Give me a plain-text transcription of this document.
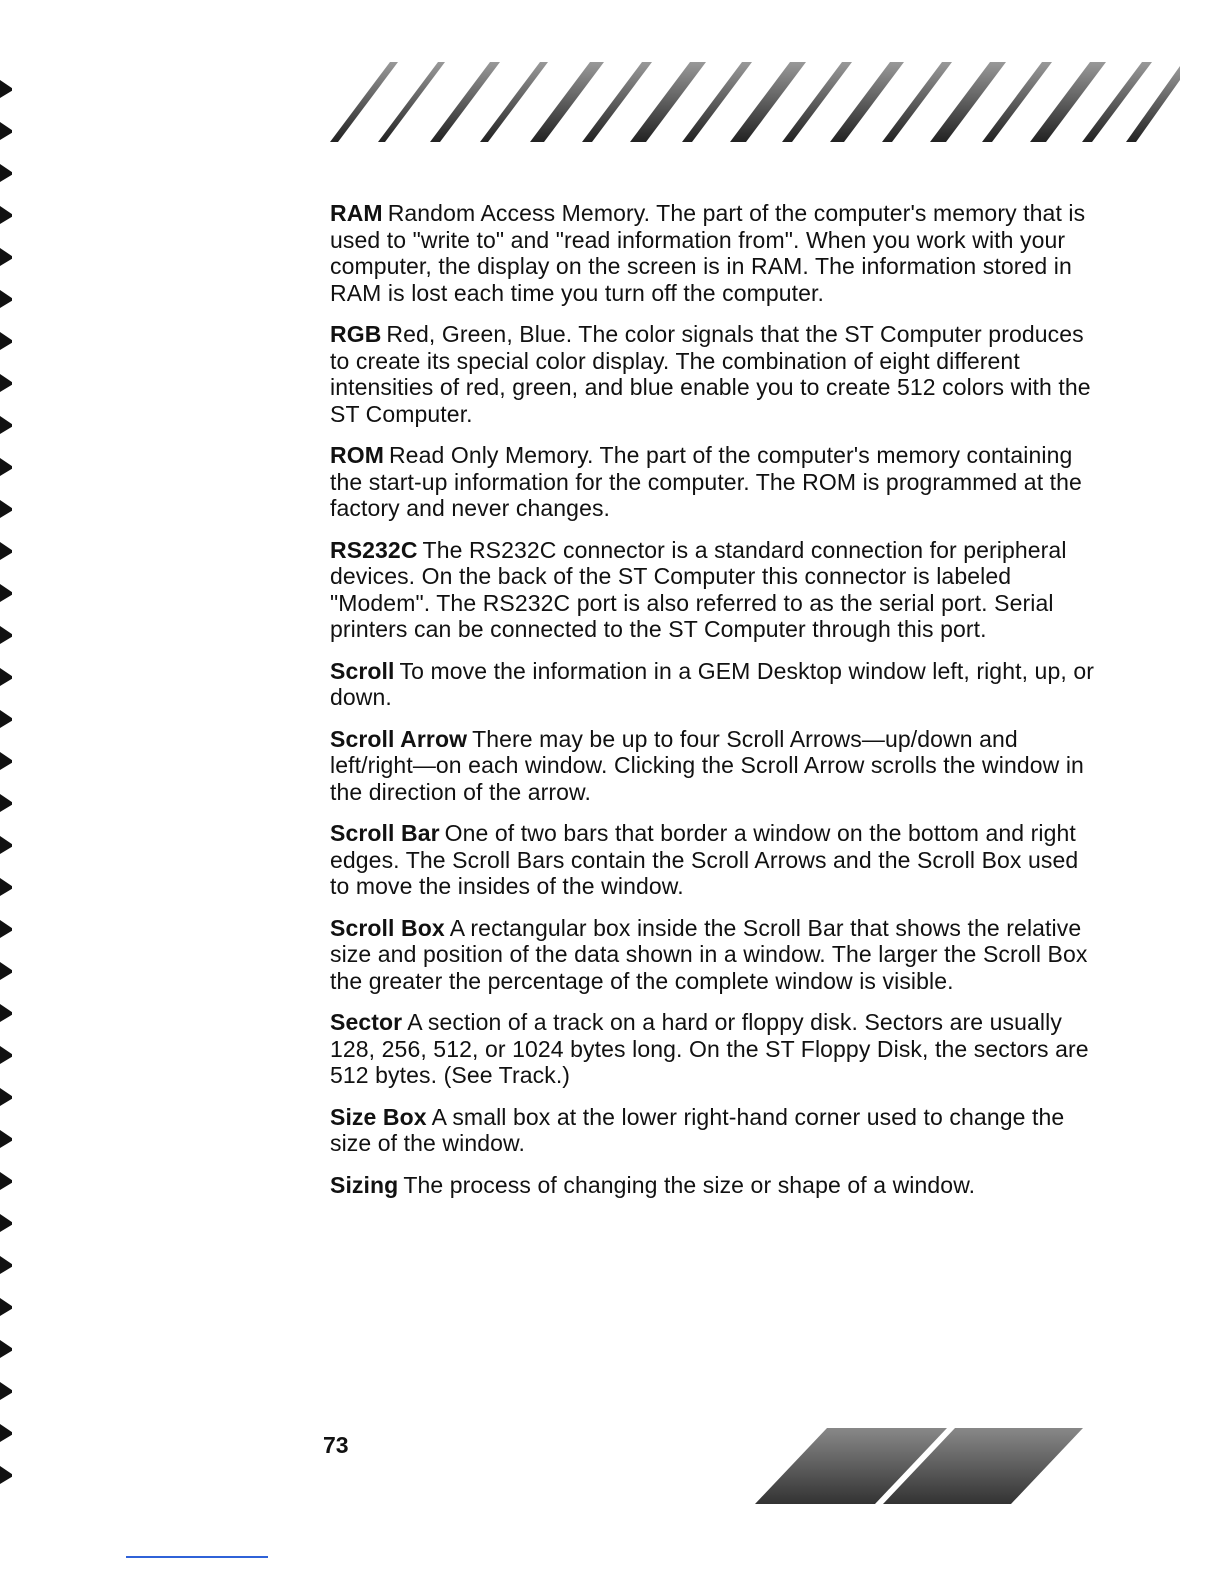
RAM Random Access Memory. The part of the computer's memory that is used to "write to" and "read information from". When you work with your computer, the display on the screen is in RAM. The information stored in RAM is lost each time you turn off the computer.

RGB Red, Green, Blue. The color signals that the ST Computer produces to create its special color display. The combination of eight different intensities of red, green, and blue enable you to create 512 colors with the ST Computer.

ROM Read Only Memory. The part of the computer's memory containing the start-up information for the computer. The ROM is programmed at the factory and never changes.

RS232C The RS232C connector is a standard connection for peripheral devices. On the back of the ST Computer this connector is labeled "Modem". The RS232C port is also referred to as the serial port. Serial printers can be connected to the ST Computer through this port.

Scroll To move the information in a GEM Desktop window left, right, up, or down.

Scroll Arrow There may be up to four Scroll Arrows—up/down and left/right—on each window. Clicking the Scroll Arrow scrolls the window in the direction of the arrow.

Scroll Bar One of two bars that border a window on the bottom and right edges. The Scroll Bars contain the Scroll Arrows and the Scroll Box used to move the insides of the window.

Scroll Box A rectangular box inside the Scroll Bar that shows the relative size and position of the data shown in a window. The larger the Scroll Box the greater the percentage of the complete window is visible.

Sector A section of a track on a hard or floppy disk. Sectors are usually 128, 256, 512, or 1024 bytes long. On the ST Floppy Disk, the sectors are 512 bytes. (See Track.)

Size Box A small box at the lower right-hand corner used to change the size of the window.

Sizing The process of changing the size or shape of a window.

73
